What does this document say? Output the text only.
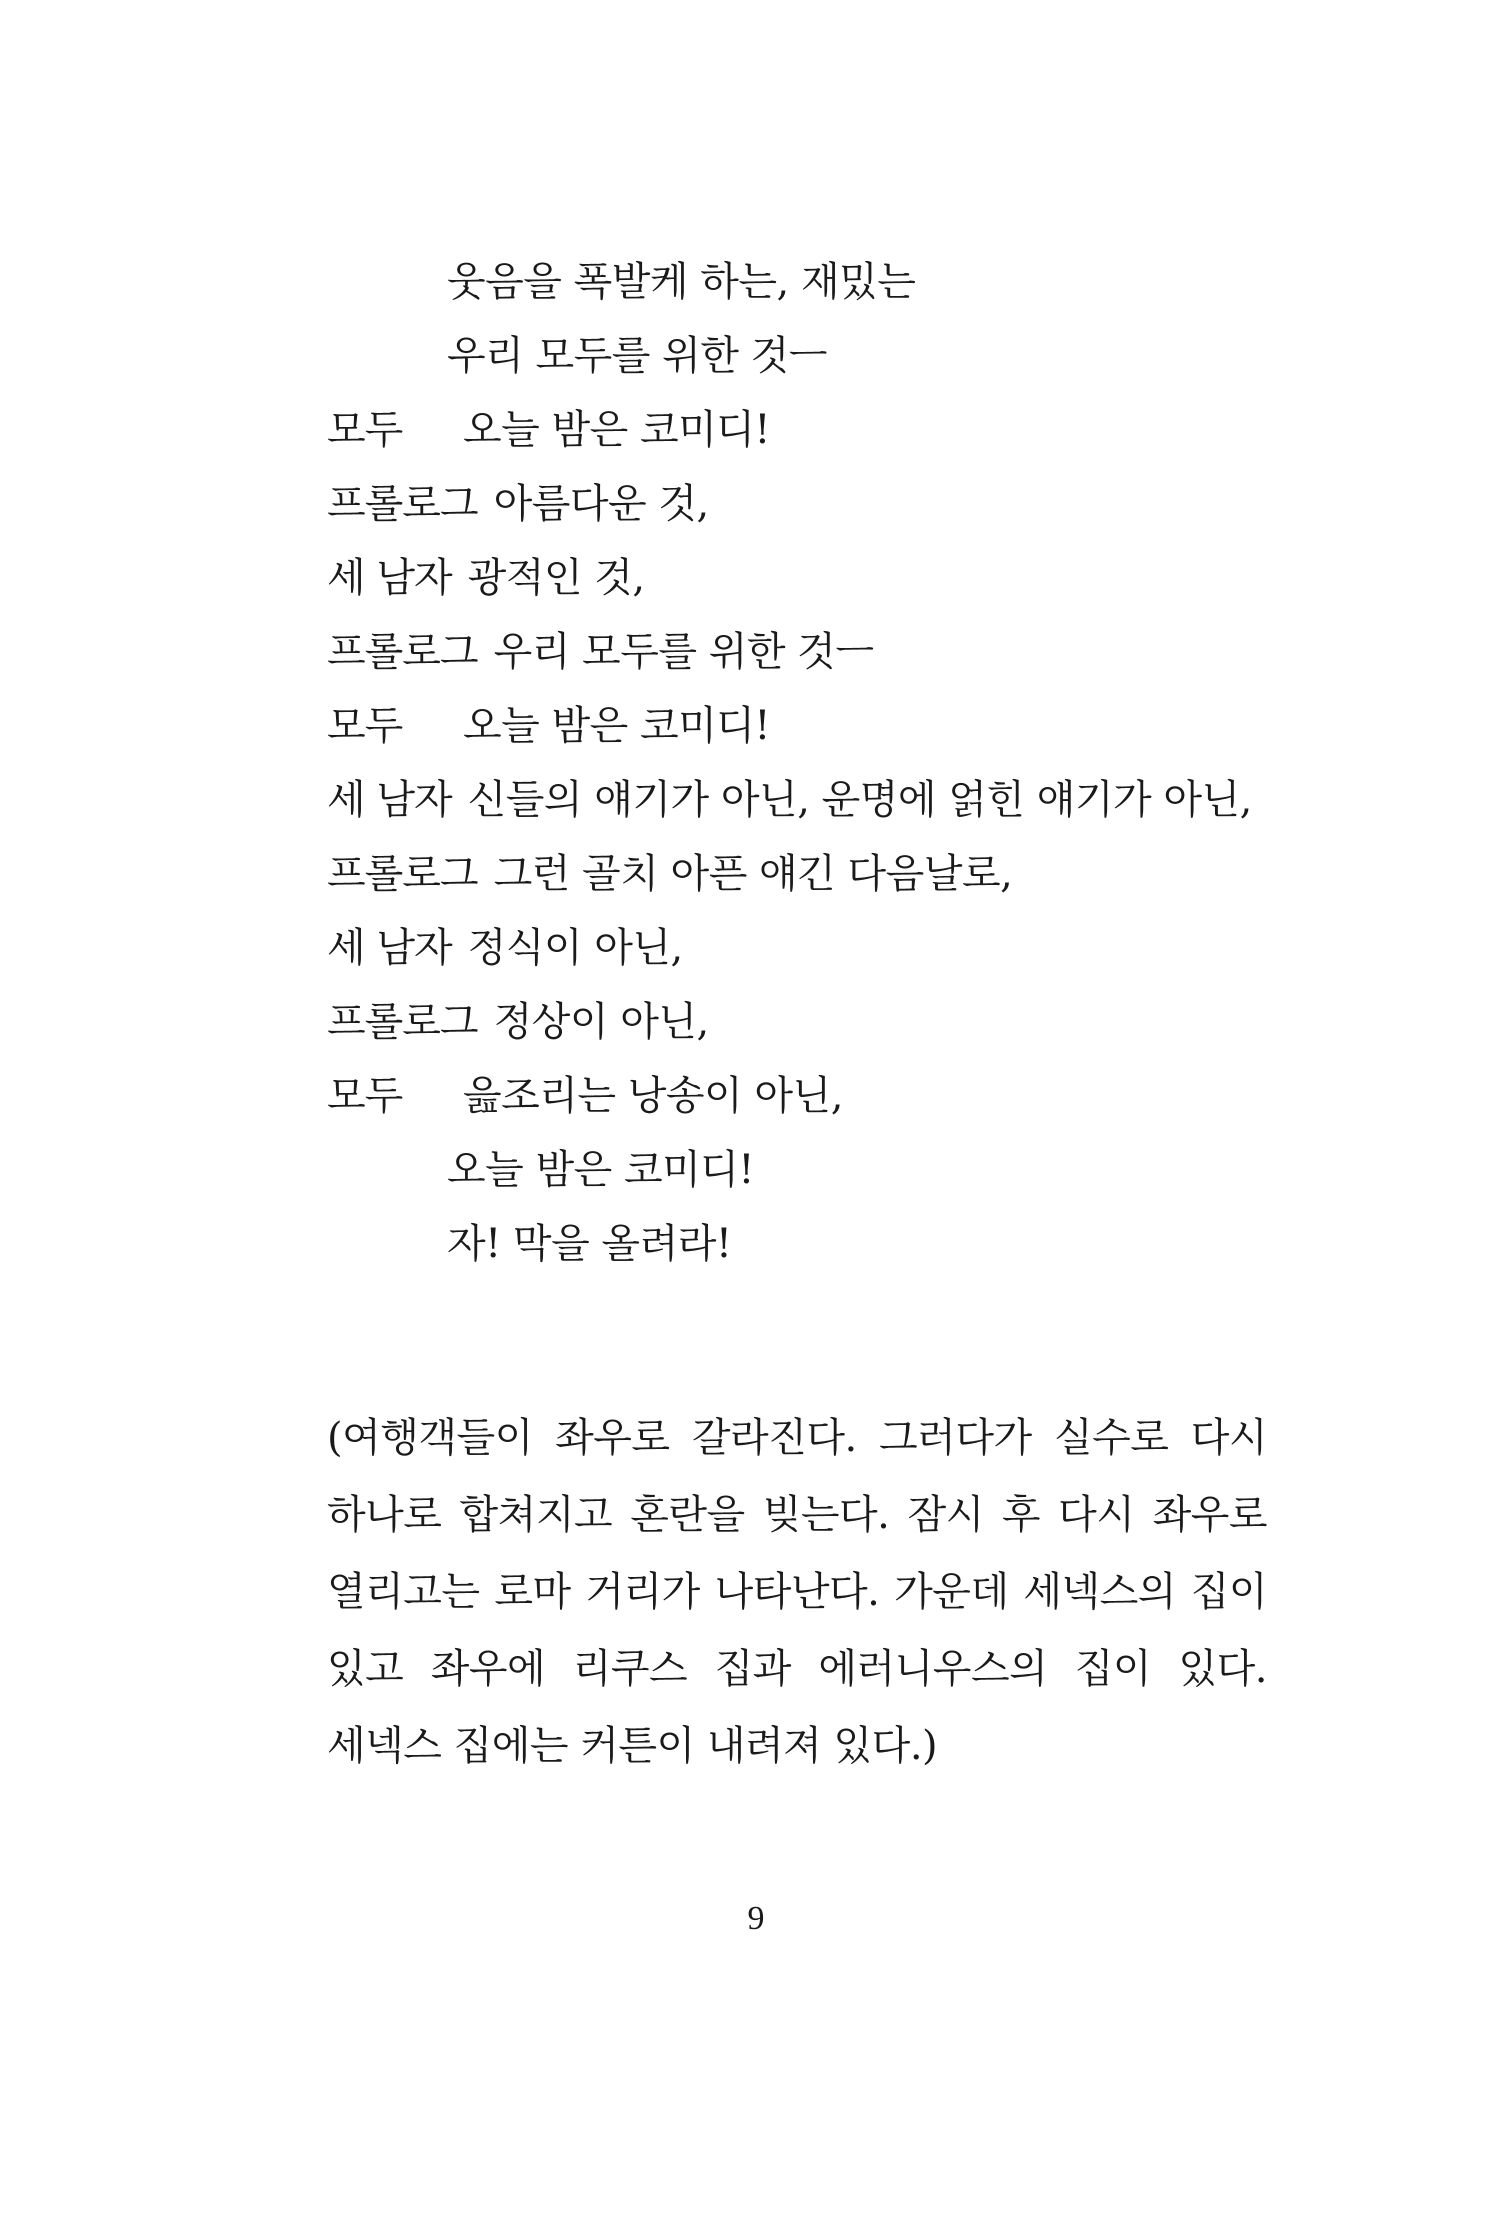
웃음을 폭발케 하는, 재밌는
우리 모두를 위한 것ㅡ
모두	오늘 밤은 코미디!
프롤로그 아름다운 것,
세 남자 광적인 것,
프롤로그 우리 모두를 위한 것ㅡ
모두	오늘 밤은 코미디!
세 남자 신들의 얘기가 아닌, 운명에 얽힌 얘기가 아닌,
프롤로그 그런 골치 아픈 얘긴 다음날로,
세 남자 정식이 아닌,
프롤로그 정상이 아닌,
모두	읊조리는 낭송이 아닌,
오늘 밤은 코미디!
자! 막을 올려라!

(여행객들이 좌우로 갈라진다. 그러다가 실수로 다시 하나로 합쳐지고 혼란을 빚는다. 잠시 후 다시 좌우로 열리고는 로마 거리가 나타난다. 가운데 세넥스의 집이 있고 좌우에 리쿠스 집과 에러니우스의 집이 있다. 세넥스 집에는 커튼이 내려져 있다.)

9
